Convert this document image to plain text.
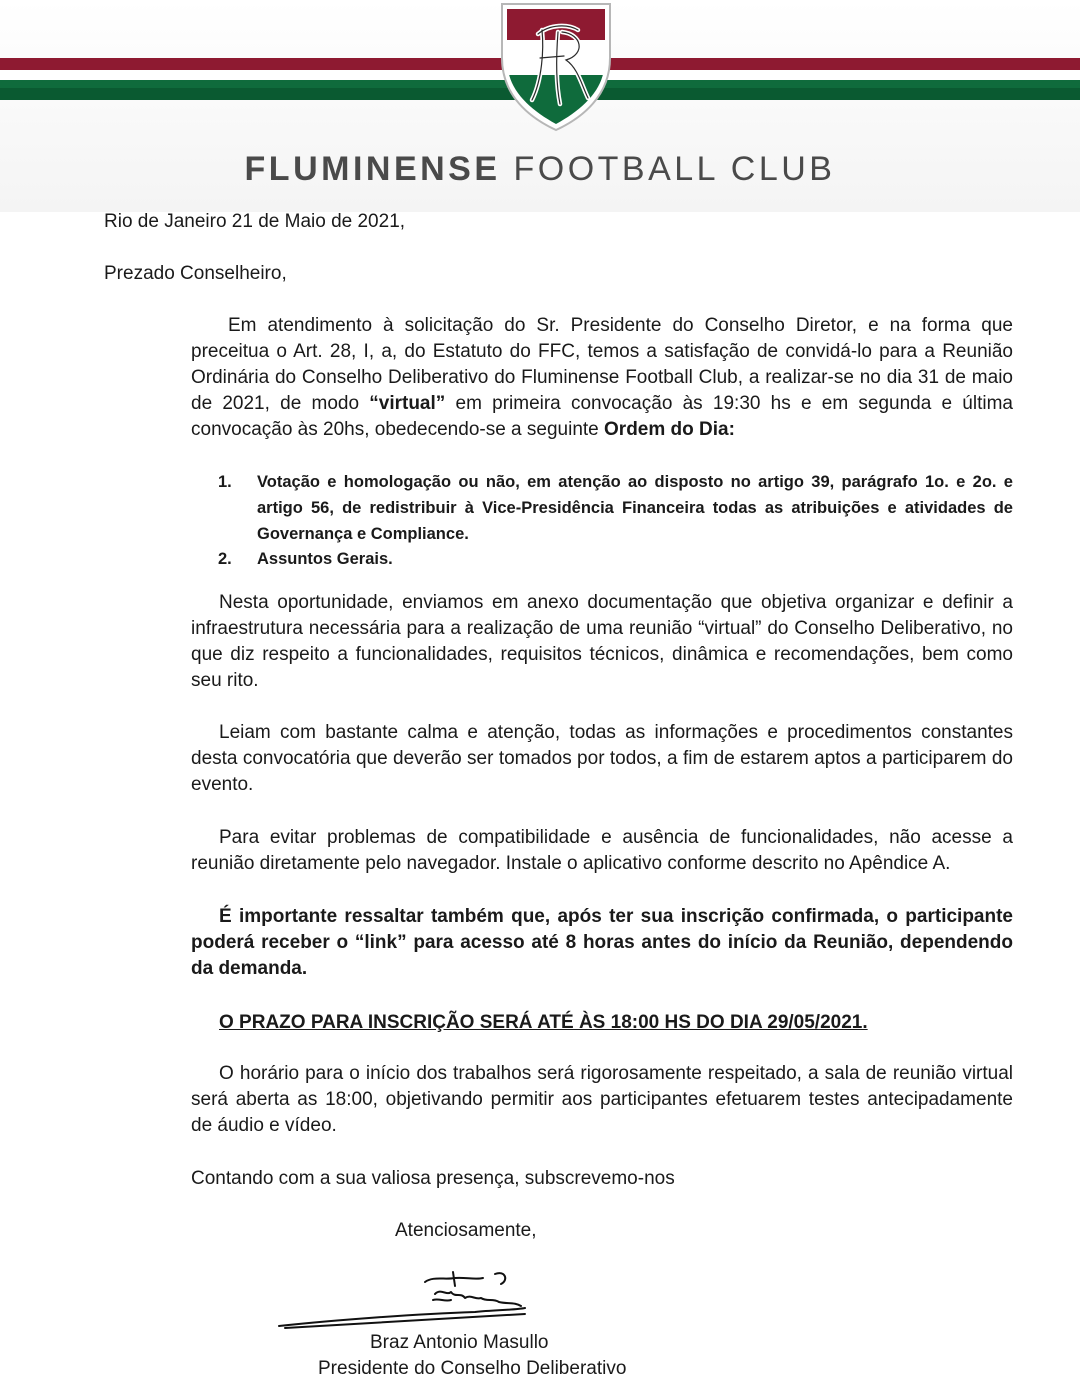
FLUMINENSE FOOTBALL CLUB

Rio de Janeiro 21 de Maio de 2021,

Prezado Conselheiro,

Em atendimento à solicitação do Sr. Presidente do Conselho Diretor, e na forma que preceitua o Art. 28, I, a, do Estatuto do FFC, temos a satisfação de convidá-lo para a Reunião Ordinária do Conselho Deliberativo do Fluminense Football Club, a realizar-se no dia 31 de maio de 2021, de modo “virtual” em primeira convocação às 19:30 hs e em segunda e última convocação às 20hs, obedecendo-se a seguinte Ordem do Dia:

1. Votação e homologação ou não, em atenção ao disposto no artigo 39, parágrafo 1o. e 2o. e artigo 56, de redistribuir à Vice-Presidência Financeira todas as atribuições e atividades de Governança e Compliance.
2. Assuntos Gerais.

Nesta oportunidade, enviamos em anexo documentação que objetiva organizar e definir a infraestrutura necessária para a realização de uma reunião “virtual” do Conselho Deliberativo, no que diz respeito a funcionalidades, requisitos técnicos, dinâmica e recomendações, bem como seu rito.

Leiam com bastante calma e atenção, todas as informações e procedimentos constantes desta convocatória que deverão ser tomados por todos, a fim de estarem aptos a participarem do evento.

Para evitar problemas de compatibilidade e ausência de funcionalidades, não acesse a reunião diretamente pelo navegador. Instale o aplicativo conforme descrito no Apêndice A.

É importante ressaltar também que, após ter sua inscrição confirmada, o participante poderá receber o “link” para acesso até 8 horas antes do início da Reunião, dependendo da demanda.

O PRAZO PARA INSCRIÇÃO SERÁ ATÉ ÀS 18:00 HS DO DIA 29/05/2021.

O horário para o início dos trabalhos será rigorosamente respeitado, a sala de reunião virtual será aberta as 18:00, objetivando permitir aos participantes efetuarem testes antecipadamente de áudio e vídeo.

Contando com a sua valiosa presença, subscrevemo-nos

Atenciosamente,

Braz Antonio Masullo

Presidente do Conselho Deliberativo
